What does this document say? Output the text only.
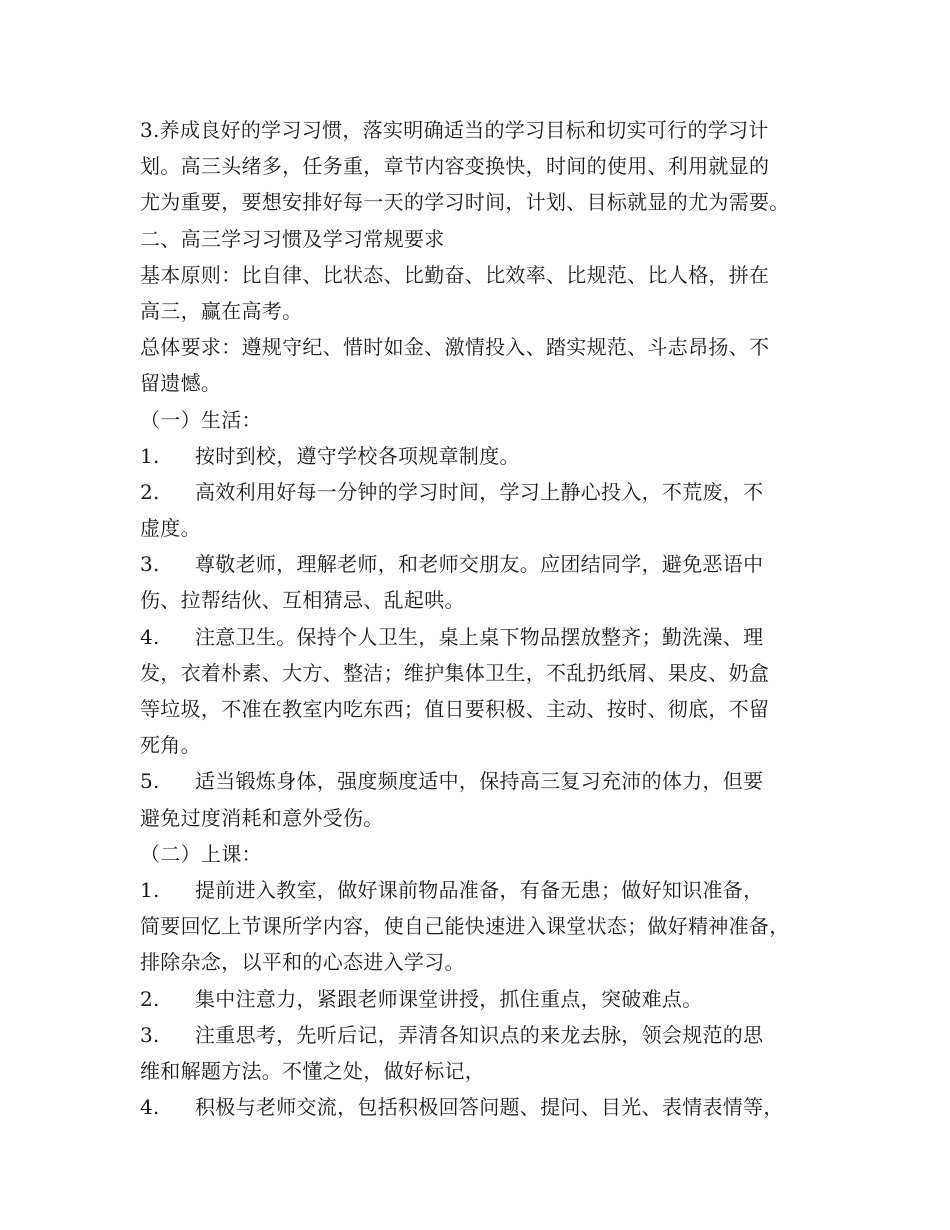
3.养成良好的学习习惯，落实明确适当的学习目标和切实可行的学习计
划。高三头绪多，任务重，章节内容变换快，时间的使用、利用就显的
尤为重要，要想安排好每一天的学习时间，计划、目标就显的尤为需要。
二、高三学习习惯及学习常规要求
基本原则：比自律、比状态、比勤奋、比效率、比规范、比人格，拼在
高三，赢在高考。
总体要求：遵规守纪、惜时如金、激情投入、踏实规范、斗志昂扬、不
留遗憾。
（一）生活：
1. 按时到校，遵守学校各项规章制度。
2. 高效利用好每一分钟的学习时间，学习上静心投入，不荒废，不
虚度。
3. 尊敬老师，理解老师，和老师交朋友。应团结同学，避免恶语中
伤、拉帮结伙、互相猜忌、乱起哄。
4. 注意卫生。保持个人卫生，桌上桌下物品摆放整齐；勤洗澡、理
发，衣着朴素、大方、整洁；维护集体卫生，不乱扔纸屑、果皮、奶盒
等垃圾，不准在教室内吃东西；值日要积极、主动、按时、彻底，不留
死角。
5. 适当锻炼身体，强度频度适中，保持高三复习充沛的体力，但要
避免过度消耗和意外受伤。
（二）上课：
1. 提前进入教室，做好课前物品准备，有备无患；做好知识准备，
简要回忆上节课所学内容，使自己能快速进入课堂状态；做好精神准备，
排除杂念，以平和的心态进入学习。
2. 集中注意力，紧跟老师课堂讲授，抓住重点，突破难点。
3. 注重思考，先听后记，弄清各知识点的来龙去脉，领会规范的思
维和解题方法。不懂之处，做好标记，
4. 积极与老师交流，包括积极回答问题、提问、目光、表情表情等，
